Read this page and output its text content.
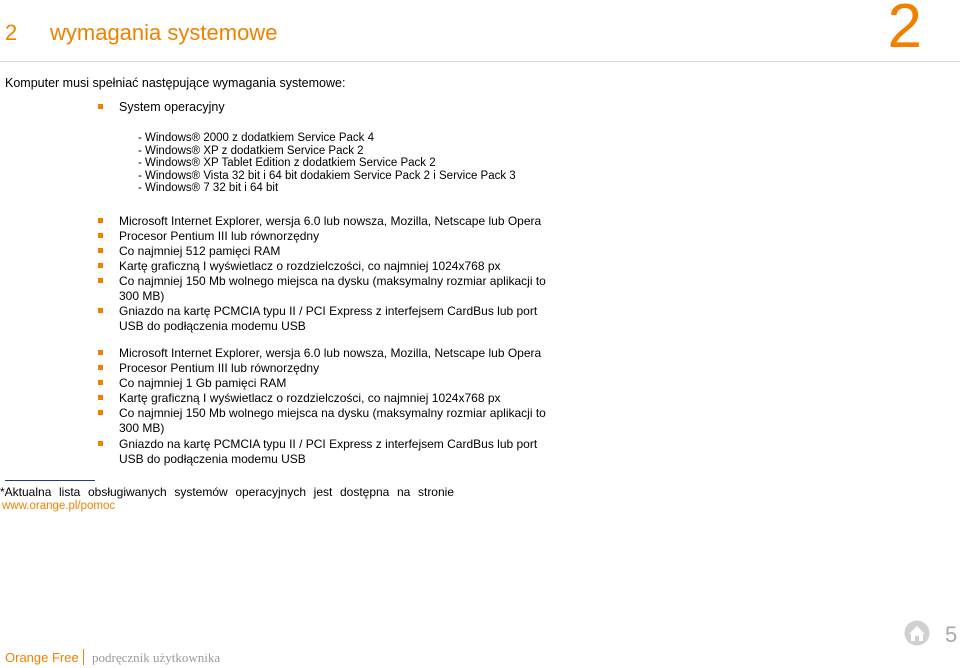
2 wymagania systemowe	2
Komputer musi spełniać następujące wymagania systemowe:
System operacyjny
- Windows® 2000 z dodatkiem Service Pack 4
- Windows® XP z dodatkiem Service Pack 2
- Windows® XP Tablet Edition z dodatkiem Service Pack 2
- Windows® Vista 32 bit i 64 bit dodakiem Service Pack 2 i Service Pack 3
- Windows® 7 32 bit i 64 bit
Microsoft Internet Explorer, wersja 6.0 lub nowsza, Mozilla, Netscape lub Opera
Procesor Pentium III lub równorzędny
Co najmniej 512 pamięci RAM
Kartę graficzną I wyświetlacz o rozdzielczości, co najmniej 1024x768 px
Co najmniej 150 Mb wolnego miejsca na dysku (maksymalny rozmiar aplikacji to
300 MB)
Gniazdo na kartę PCMCIA typu II / PCI Express z interfejsem CardBus lub port
USB do podłączenia modemu USB
Microsoft Internet Explorer, wersja 6.0 lub nowsza, Mozilla, Netscape lub Opera
Procesor Pentium III lub równorzędny
Co najmniej 1 Gb pamięci RAM
Kartę graficzną I wyświetlacz o rozdzielczości, co najmniej 1024x768 px
Co najmniej 150 Mb wolnego miejsca na dysku (maksymalny rozmiar aplikacji to
300 MB)
Gniazdo na kartę PCMCIA typu II / PCI Express z interfejsem CardBus lub port
USB do podłączenia modemu USB
*Aktualna lista obsługiwanych systemów operacyjnych jest dostępna na stronie
www.orange.pl/pomoc
Orange Free podręcznik użytkownika
5
